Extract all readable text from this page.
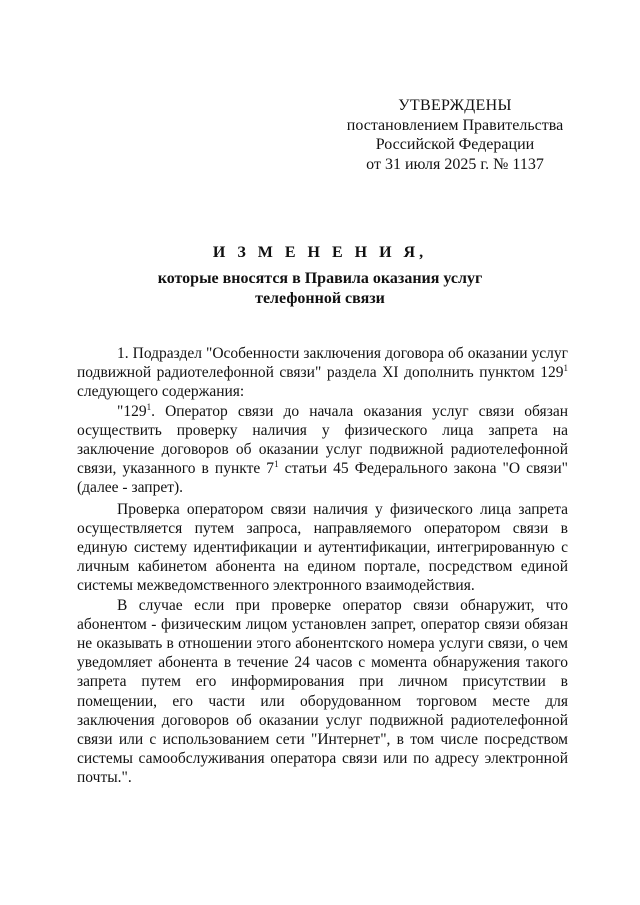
УТВЕРЖДЕНЫ
постановлением Правительства
Российской Федерации
от 31 июля 2025 г. № 1137
И З М Е Н Е Н И Я,
которые вносятся в Правила оказания услуг телефонной связи

1. Подраздел "Особенности заключения договора об оказании услуг подвижной радиотелефонной связи" раздела XI дополнить пунктом $129^1$ следующего содержания:

"$129^1$. Оператор связи до начала оказания услуг связи обязан осуществить проверку наличия у физического лица запрета на заключение договоров об оказании услуг подвижной радиотелефонной связи, указанного в пункте $7^1$ статьи 45 Федерального закона "О связи" (далее - запрет).

Проверка оператором связи наличия у физического лица запрета осуществляется путем запроса, направляемого оператором связи в единую систему идентификации и аутентификации, интегрированную с личным кабинетом абонента на едином портале, посредством единой системы межведомственного электронного взаимодействия.

В случае если при проверке оператор связи обнаружит, что абонентом - физическим лицом установлен запрет, оператор связи обязан не оказывать в отношении этого абонентского номера услуги связи, о чем уведомляет абонента в течение 24 часов с момента обнаружения такого запрета путем его информирования при личном присутствии в помещении, его части или оборудованном торговом месте для заключения договоров об оказании услуг подвижной радиотелефонной связи или с использованием сети "Интернет", в том числе посредством системы самообслуживания оператора связи или по адресу электронной почты.".
